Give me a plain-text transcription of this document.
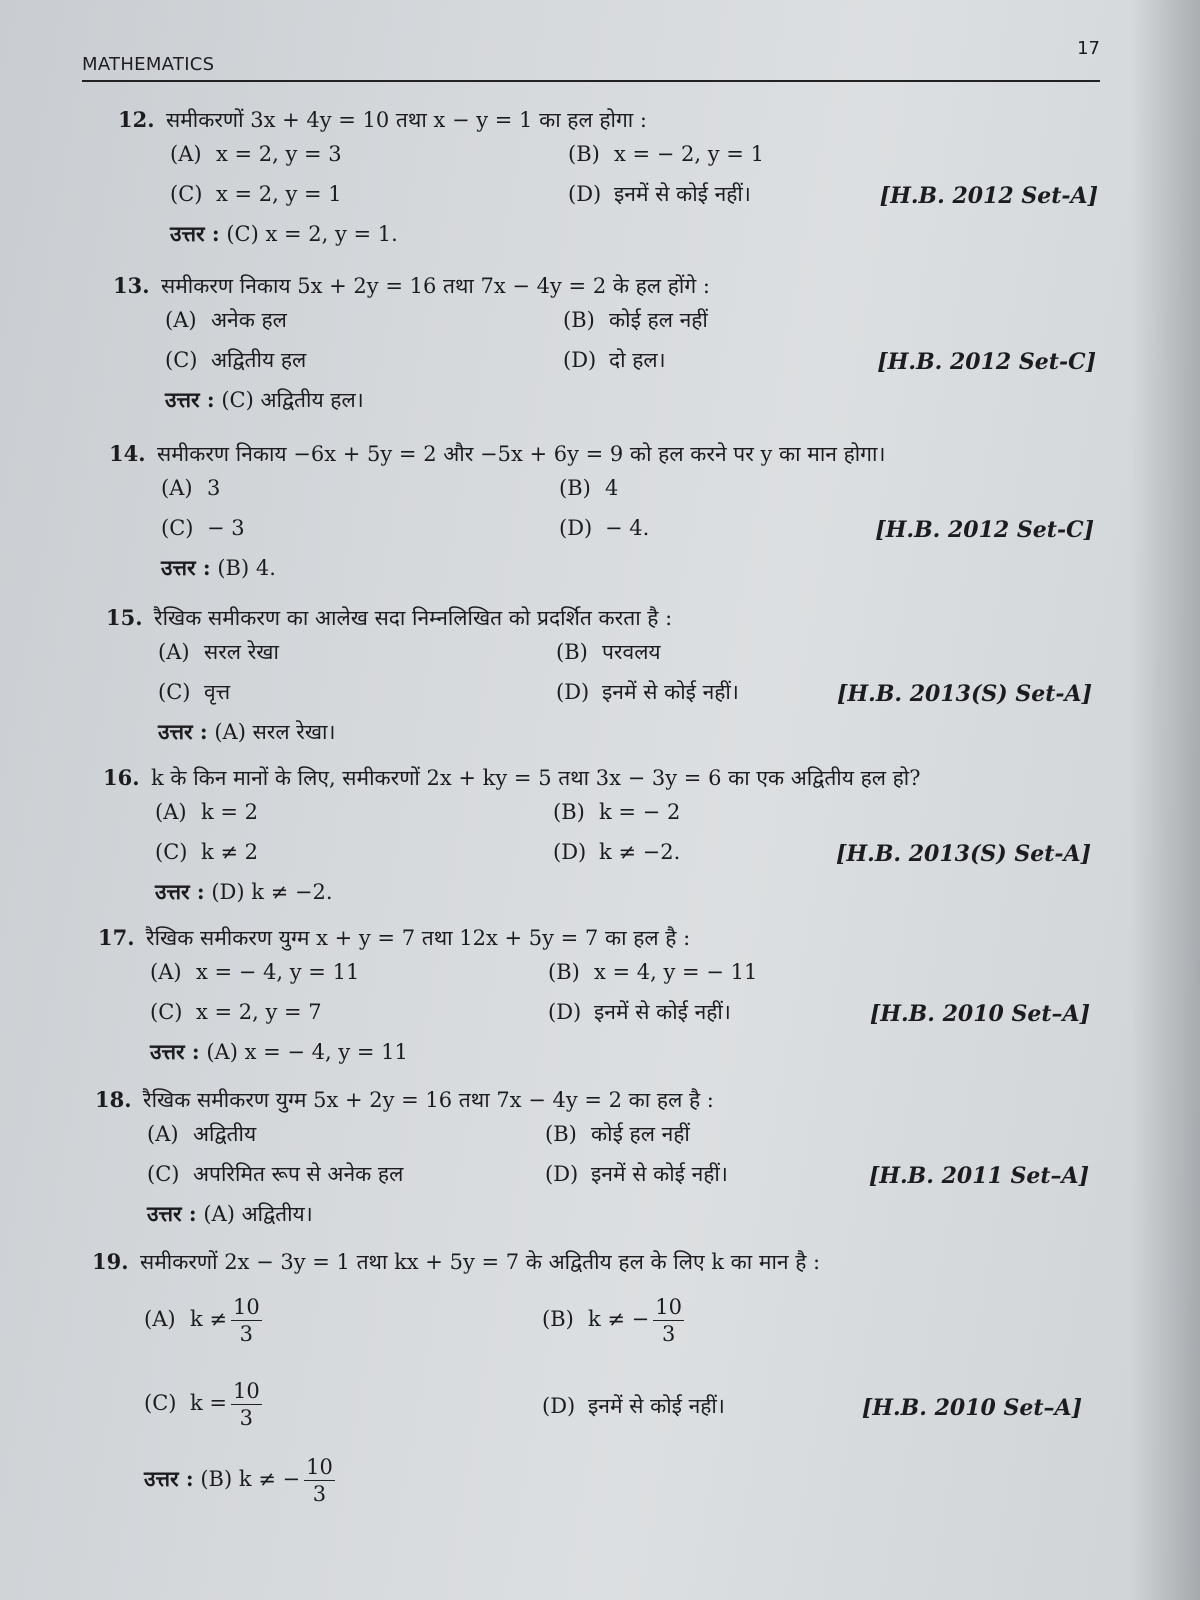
MATHEMATICS
17
12. समीकरणों 3x + 4y = 10 तथा x − y = 1 का हल होगा :
(A) x = 2, y = 3	(B) x = − 2, y = 1
(C) x = 2, y = 1	(D) इनमें से कोई नहीं।	[H.B. 2012 Set-A]
उत्तर : (C) x = 2, y = 1.
13. समीकरण निकाय 5x + 2y = 16 तथा 7x − 4y = 2 के हल होंगे :
(A) अनेक हल	(B) कोई हल नहीं
(C) अद्वितीय हल	(D) दो हल।	[H.B. 2012 Set-C]
उत्तर : (C) अद्वितीय हल।
14. समीकरण निकाय −6x + 5y = 2 और −5x + 6y = 9 को हल करने पर y का मान होगा।
(A) 3	(B) 4
(C) − 3	(D) − 4.	[H.B. 2012 Set-C]
उत्तर : (B) 4.
15. रैखिक समीकरण का आलेख सदा निम्नलिखित को प्रदर्शित करता है :
(A) सरल रेखा	(B) परवलय
(C) वृत्त	(D) इनमें से कोई नहीं।	[H.B. 2013(S) Set-A]
उत्तर : (A) सरल रेखा।
16. k के किन मानों के लिए, समीकरणों 2x + ky = 5 तथा 3x − 3y = 6 का एक अद्वितीय हल हो?
(A) k = 2	(B) k = − 2
(C) k ≠ 2	(D) k ≠ −2.	[H.B. 2013(S) Set-A]
उत्तर : (D) k ≠ −2.
17. रैखिक समीकरण युग्म x + y = 7 तथा 12x + 5y = 7 का हल है :
(A) x = − 4, y = 11	(B) x = 4, y = − 11
(C) x = 2, y = 7	(D) इनमें से कोई नहीं।	[H.B. 2010 Set–A]
उत्तर : (A) x = − 4, y = 11
18. रैखिक समीकरण युग्म 5x + 2y = 16 तथा 7x − 4y = 2 का हल है :
(A) अद्वितीय	(B) कोई हल नहीं
(C) अपरिमित रूप से अनेक हल	(D) इनमें से कोई नहीं।	[H.B. 2011 Set–A]
उत्तर : (A) अद्वितीय।
19. समीकरणों 2x − 3y = 1 तथा kx + 5y = 7 के अद्वितीय हल के लिए k का मान है :
(A) $k \ne \frac{10}{3}$	(B) k ≠ − $\frac{10}{3}$
(C) $k = \frac{10}{3}$	(D) इनमें से कोई नहीं।	[H.B. 2010 Set–A]
उत्तर : (B) k ≠ − $\frac{10}{3}$
